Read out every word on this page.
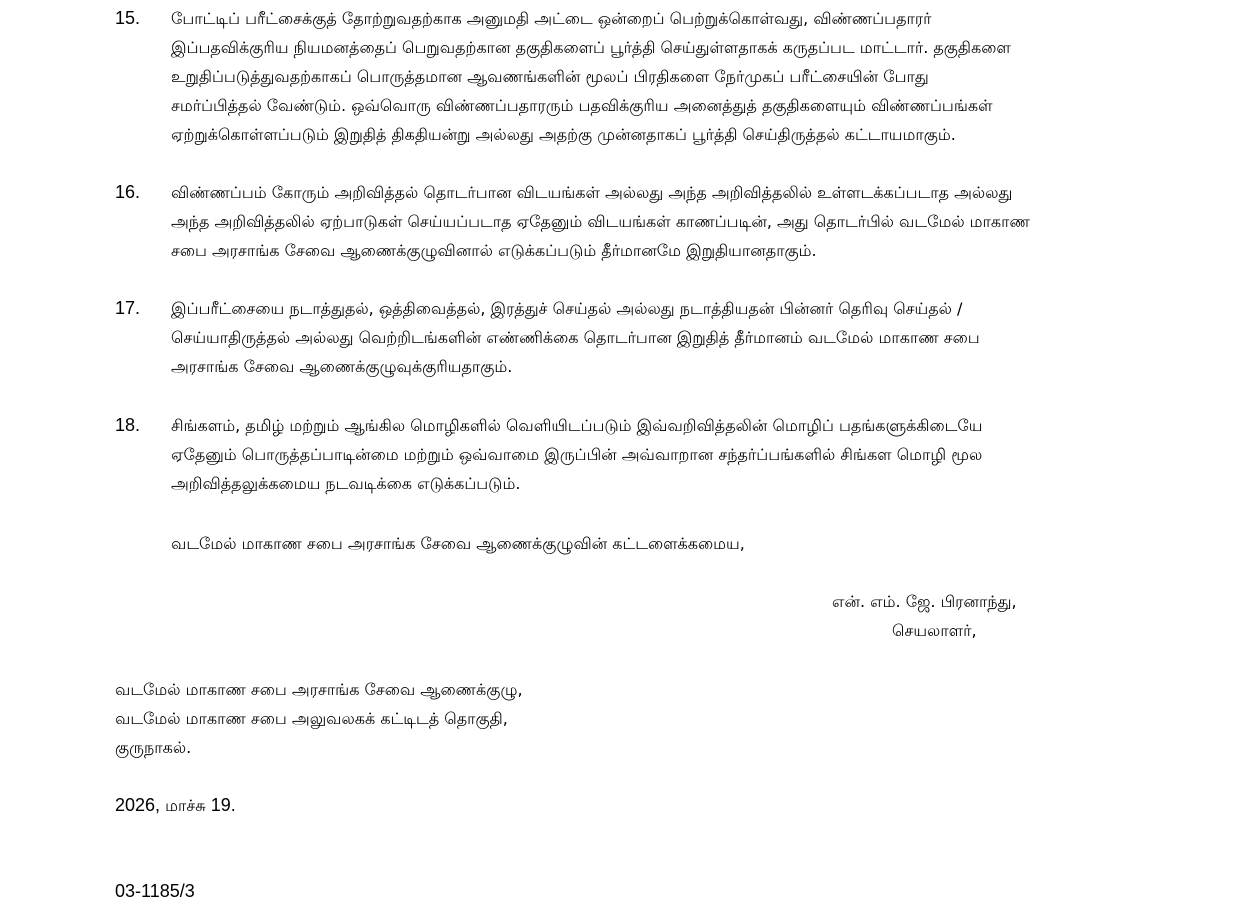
15. போட்டிப் பரீட்சைக்குத் தோற்றுவதற்காக அனுமதி அட்டை ஒன்றைப் பெற்றுக்கொள்வது, விண்ணப்பதாரர்
இப்பதவிக்குரிய நியமனத்தைப் பெறுவதற்கான தகுதிகளைப் பூர்த்தி செய்துள்ளதாகக் கருதப்பட மாட்டார். தகுதிகளை
உறுதிப்படுத்துவதற்காகப் பொருத்தமான ஆவணங்களின் மூலப் பிரதிகளை நேர்முகப் பரீட்சையின் போது
சமர்ப்பித்தல் வேண்டும். ஒவ்வொரு விண்ணப்பதாரரும் பதவிக்குரிய அனைத்துத் தகுதிகளையும் விண்ணப்பங்கள்
ஏற்றுக்கொள்ளப்படும் இறுதித் திகதியன்று அல்லது அதற்கு முன்னதாகப் பூர்த்தி செய்திருத்தல் கட்டாயமாகும்.
16. விண்ணப்பம் கோரும் அறிவித்தல் தொடர்பான விடயங்கள் அல்லது அந்த அறிவித்தலில் உள்ளடக்கப்படாத அல்லது
அந்த அறிவித்தலில் ஏற்பாடுகள் செய்யப்படாத ஏதேனும் விடயங்கள் காணப்படின், அது தொடர்பில் வடமேல் மாகாண
சபை அரசாங்க சேவை ஆணைக்குழுவினால் எடுக்கப்படும் தீர்மானமே இறுதியானதாகும்.
17. இப்பரீட்சையை நடாத்துதல், ஒத்திவைத்தல், இரத்துச் செய்தல் அல்லது நடாத்தியதன் பின்னர் தெரிவு செய்தல் /
செய்யாதிருத்தல் அல்லது வெற்றிடங்களின் எண்ணிக்கை தொடர்பான இறுதித் தீர்மானம் வடமேல் மாகாண சபை
அரசாங்க சேவை ஆணைக்குழுவுக்குரியதாகும்.
18. சிங்களம், தமிழ் மற்றும் ஆங்கில மொழிகளில் வெளியிடப்படும் இவ்வறிவித்தலின் மொழிப் பதங்களுக்கிடையே
ஏதேனும் பொருத்தப்பாடின்மை மற்றும் ஒவ்வாமை இருப்பின் அவ்வாறான சந்தர்ப்பங்களில் சிங்கள மொழி மூல
அறிவித்தலுக்கமைய நடவடிக்கை எடுக்கப்படும்.
வடமேல் மாகாண சபை அரசாங்க சேவை ஆணைக்குழுவின் கட்டளைக்கமைய,
என். எம். ஜே. பிரனாந்து,
செயலாளர்,
வடமேல் மாகாண சபை அரசாங்க சேவை ஆணைக்குழு,
வடமேல் மாகாண சபை அலுவலகக் கட்டிடத் தொகுதி,
குருநாகல்.
2026, மாச்சு 19.
03-1185/3
